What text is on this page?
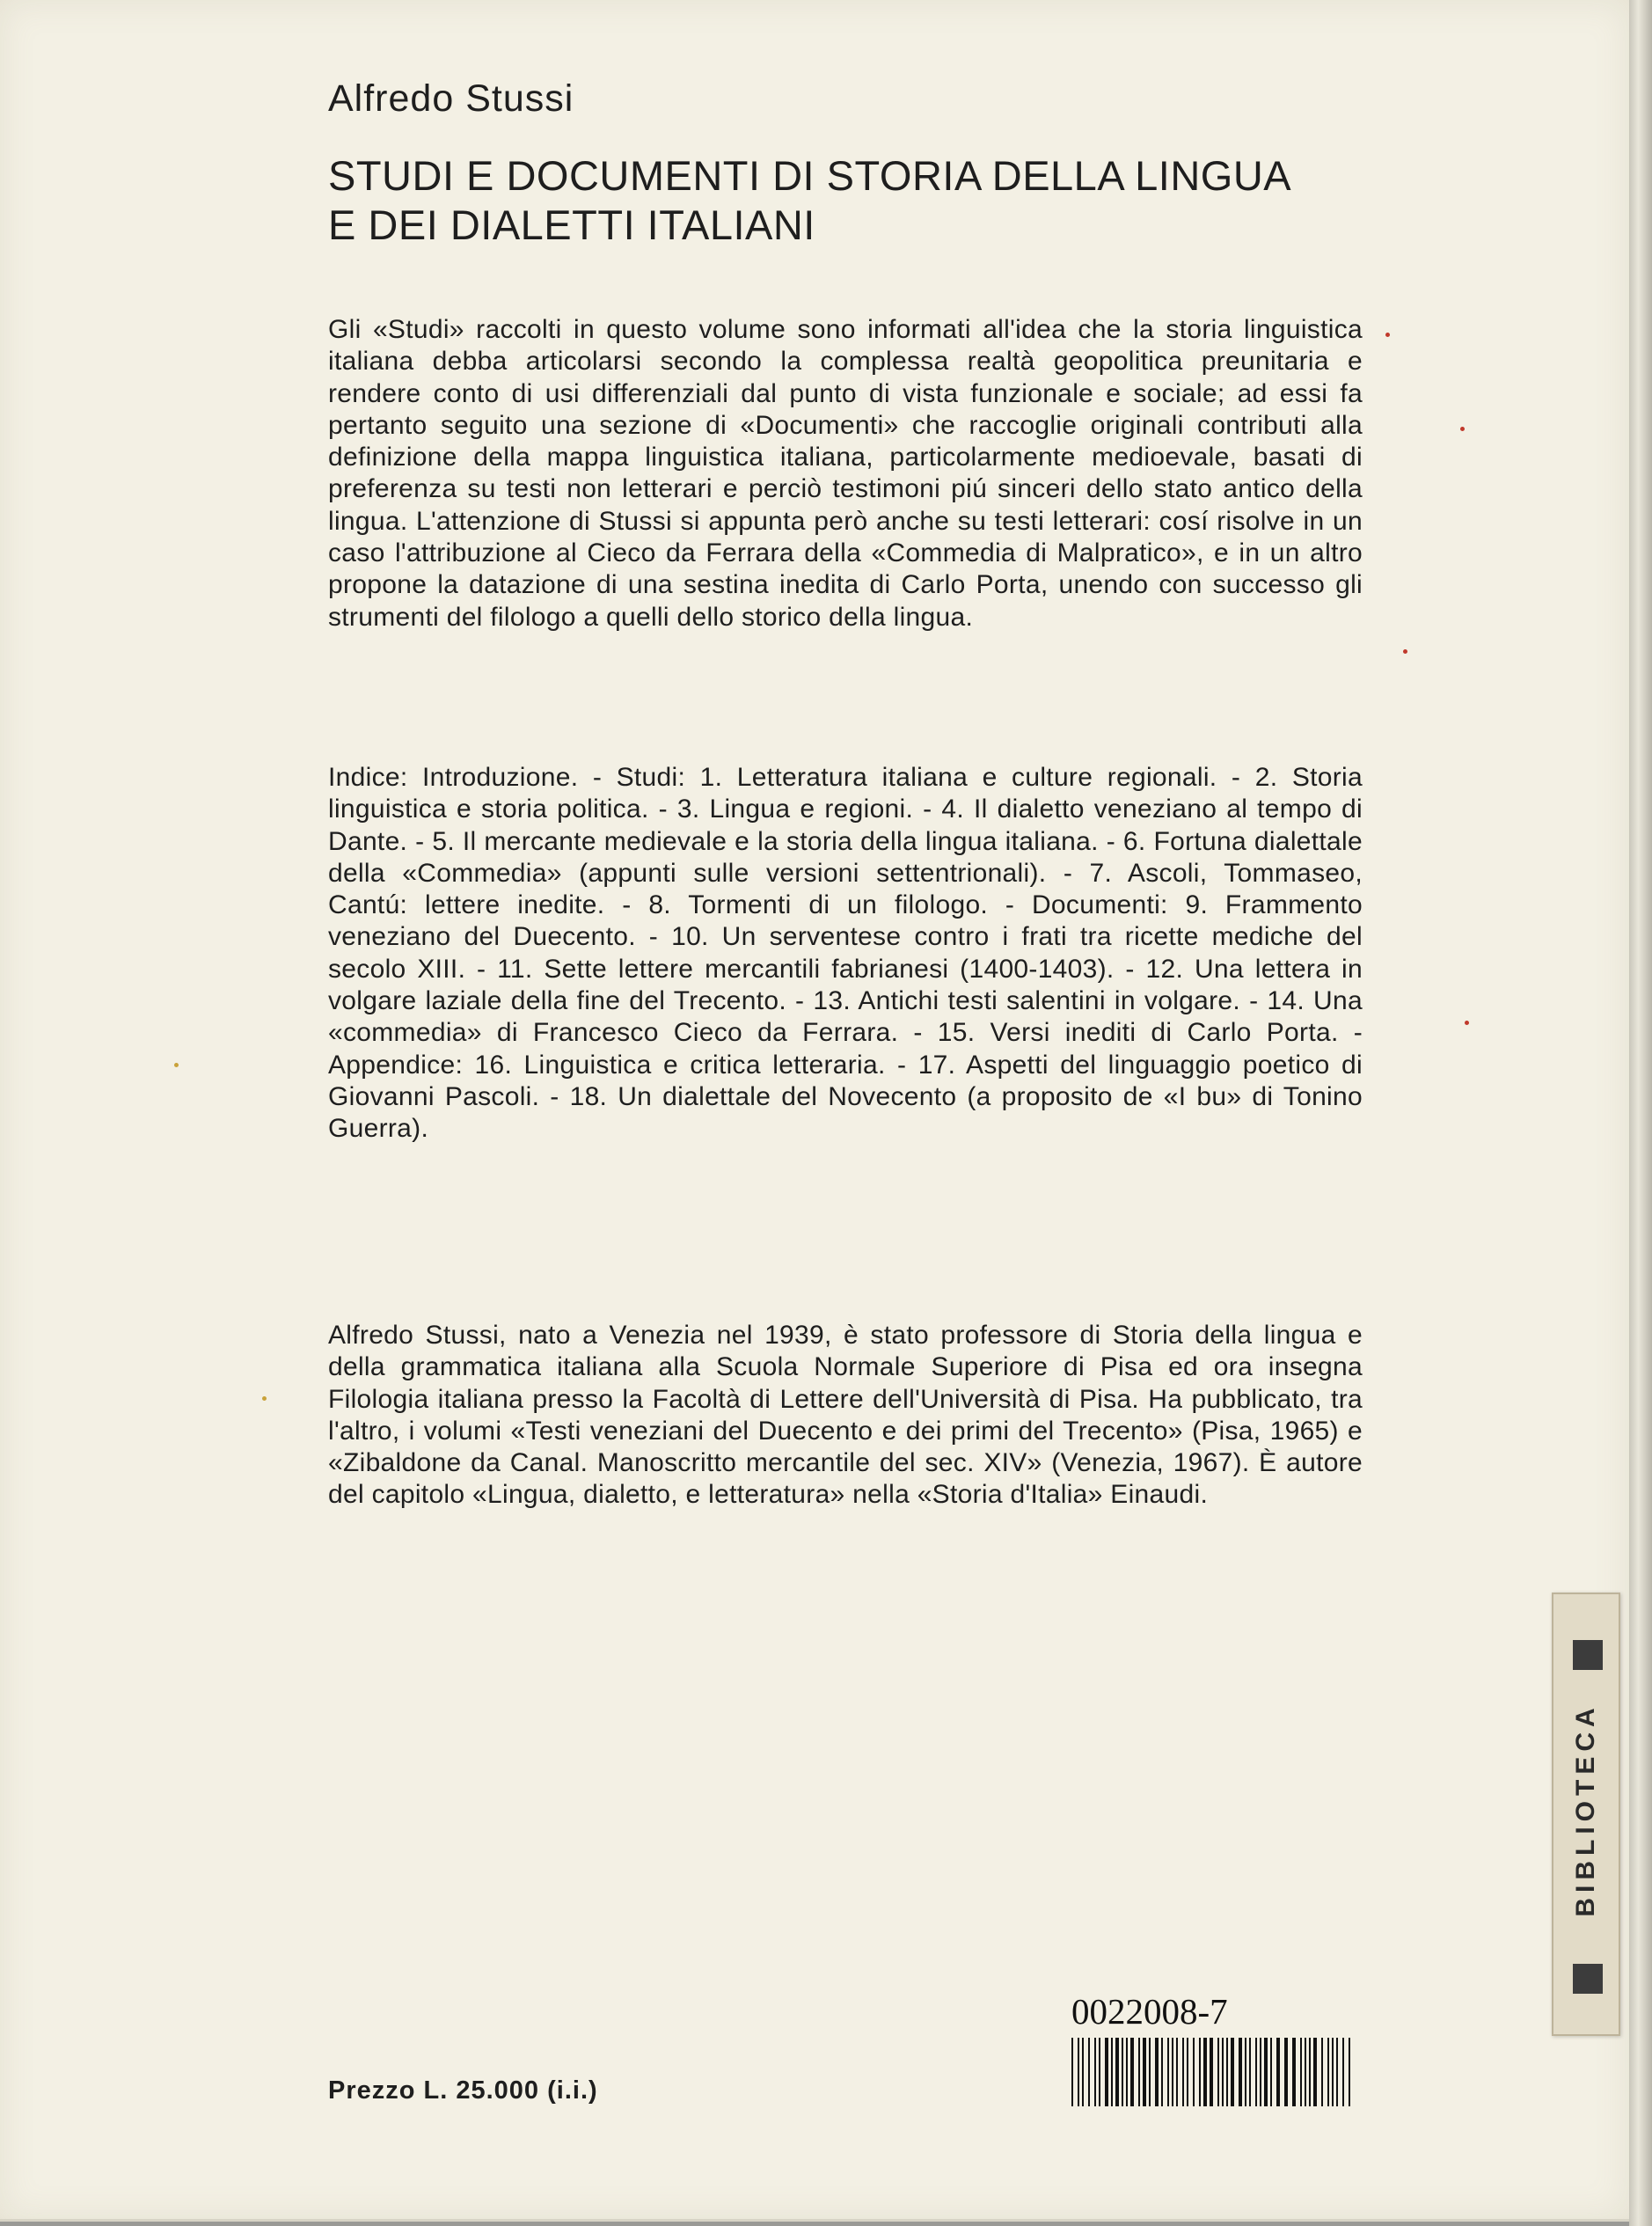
Alfredo Stussi
STUDI E DOCUMENTI DI STORIA DELLA LINGUA
E DEI DIALETTI ITALIANI
Gli «Studi» raccolti in questo volume sono informati all'idea che la storia linguistica italiana debba articolarsi secondo la complessa realtà geopolitica preunitaria e rendere conto di usi differenziali dal punto di vista funzionale e sociale; ad essi fa pertanto seguito una sezione di «Documenti» che raccoglie originali contributi alla definizione della mappa linguistica italiana, particolarmente medioevale, basati di preferenza su testi non letterari e perciò testimoni piú sinceri dello stato antico della lingua. L'attenzione di Stussi si appunta però anche su testi letterari: cosí risolve in un caso l'attribuzione al Cieco da Ferrara della «Commedia di Malpratico», e in un altro propone la datazione di una sestina inedita di Carlo Porta, unendo con successo gli strumenti del filologo a quelli dello storico della lingua.
Indice: Introduzione. - Studi: 1. Letteratura italiana e culture regionali. - 2. Storia linguistica e storia politica. - 3. Lingua e regioni. - 4. Il dialetto veneziano al tempo di Dante. - 5. Il mercante medievale e la storia della lingua italiana. - 6. Fortuna dialettale della «Commedia» (appunti sulle versioni settentrionali). - 7. Ascoli, Tommaseo, Cantú: lettere inedite. - 8. Tormenti di un filologo. - Documenti: 9. Frammento veneziano del Duecento. - 10. Un serventese contro i frati tra ricette mediche del secolo XIII. - 11. Sette lettere mercantili fabrianesi (1400-1403). - 12. Una lettera in volgare laziale della fine del Trecento. - 13. Antichi testi salentini in volgare. - 14. Una «commedia» di Francesco Cieco da Ferrara. - 15. Versi inediti di Carlo Porta. - Appendice: 16. Linguistica e critica letteraria. - 17. Aspetti del linguaggio poetico di Giovanni Pascoli. - 18. Un dialettale del Novecento (a proposito de «I bu» di Tonino Guerra).
Alfredo Stussi, nato a Venezia nel 1939, è stato professore di Storia della lingua e della grammatica italiana alla Scuola Normale Superiore di Pisa ed ora insegna Filologia italiana presso la Facoltà di Lettere dell'Università di Pisa. Ha pubblicato, tra l'altro, i volumi «Testi veneziani del Duecento e dei primi del Trecento» (Pisa, 1965) e «Zibaldone da Canal. Manoscritto mercantile del sec. XIV» (Venezia, 1967). È autore del capitolo «Lingua, dialetto, e letteratura» nella «Storia d'Italia» Einaudi.
Prezzo L. 25.000 (i.i.)
0022008-7
BIBLIOTECA
